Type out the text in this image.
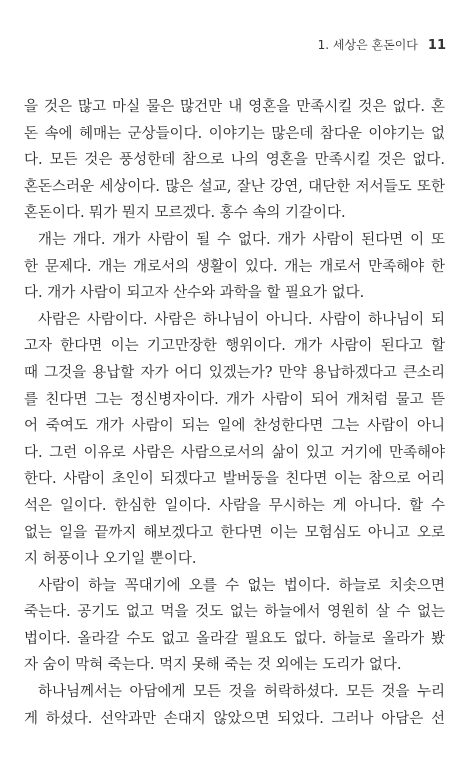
1. 세상은 혼돈이다 11
을 것은 많고 마실 물은 많건만 내 영혼을 만족시킬 것은 없다. 혼
돈 속에 헤매는 군상들이다. 이야기는 많은데 참다운 이야기는 없
다. 모든 것은 풍성한데 참으로 나의 영혼을 만족시킬 것은 없다.
혼돈스러운 세상이다. 많은 설교, 잘난 강연, 대단한 저서들도 또한
혼돈이다. 뭐가 뭔지 모르겠다. 홍수 속의 기갈이다.
개는 개다. 개가 사람이 될 수 없다. 개가 사람이 된다면 이 또
한 문제다. 개는 개로서의 생활이 있다. 개는 개로서 만족해야 한
다. 개가 사람이 되고자 산수와 과학을 할 필요가 없다.
사람은 사람이다. 사람은 하나님이 아니다. 사람이 하나님이 되
고자 한다면 이는 기고만장한 행위이다. 개가 사람이 된다고 할
때 그것을 용납할 자가 어디 있겠는가? 만약 용납하겠다고 큰소리
를 친다면 그는 정신병자이다. 개가 사람이 되어 개처럼 물고 뜯
어 죽여도 개가 사람이 되는 일에 찬성한다면 그는 사람이 아니
다. 그런 이유로 사람은 사람으로서의 삶이 있고 거기에 만족해야
한다. 사람이 초인이 되겠다고 발버둥을 친다면 이는 참으로 어리
석은 일이다. 한심한 일이다. 사람을 무시하는 게 아니다. 할 수
없는 일을 끝까지 해보겠다고 한다면 이는 모험심도 아니고 오로
지 허풍이나 오기일 뿐이다.
사람이 하늘 꼭대기에 오를 수 없는 법이다. 하늘로 치솟으면
죽는다. 공기도 없고 먹을 것도 없는 하늘에서 영원히 살 수 없는
법이다. 올라갈 수도 없고 올라갈 필요도 없다. 하늘로 올라가 봤
자 숨이 막혀 죽는다. 먹지 못해 죽는 것 외에는 도리가 없다.
하나님께서는 아담에게 모든 것을 허락하셨다. 모든 것을 누리
게 하셨다. 선악과만 손대지 않았으면 되었다. 그러나 아담은 선
